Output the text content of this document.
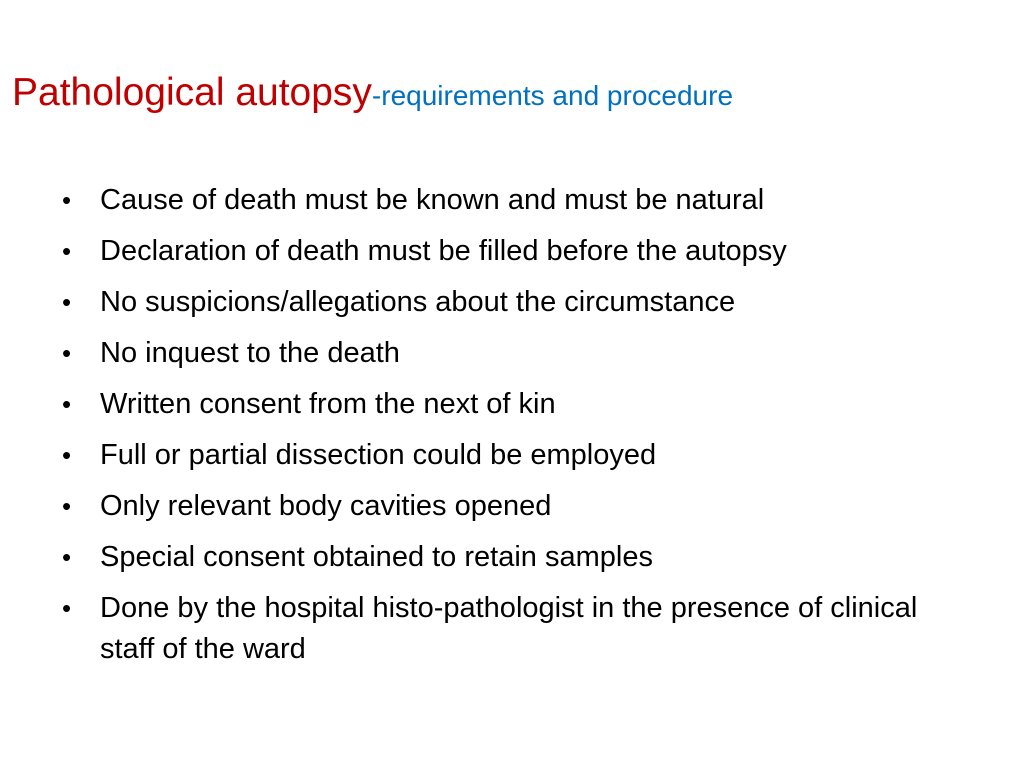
Pathological autopsy-requirements and procedure
• Cause of death must be known and must be natural
• Declaration of death must be filled before the autopsy
• No suspicions/allegations about the circumstance
• No inquest to the death
• Written consent from the next of kin
• Full or partial dissection could be employed
• Only relevant body cavities opened
• Special consent obtained to retain samples
• Done by the hospital histo-pathologist in the presence of clinical staff of the ward
